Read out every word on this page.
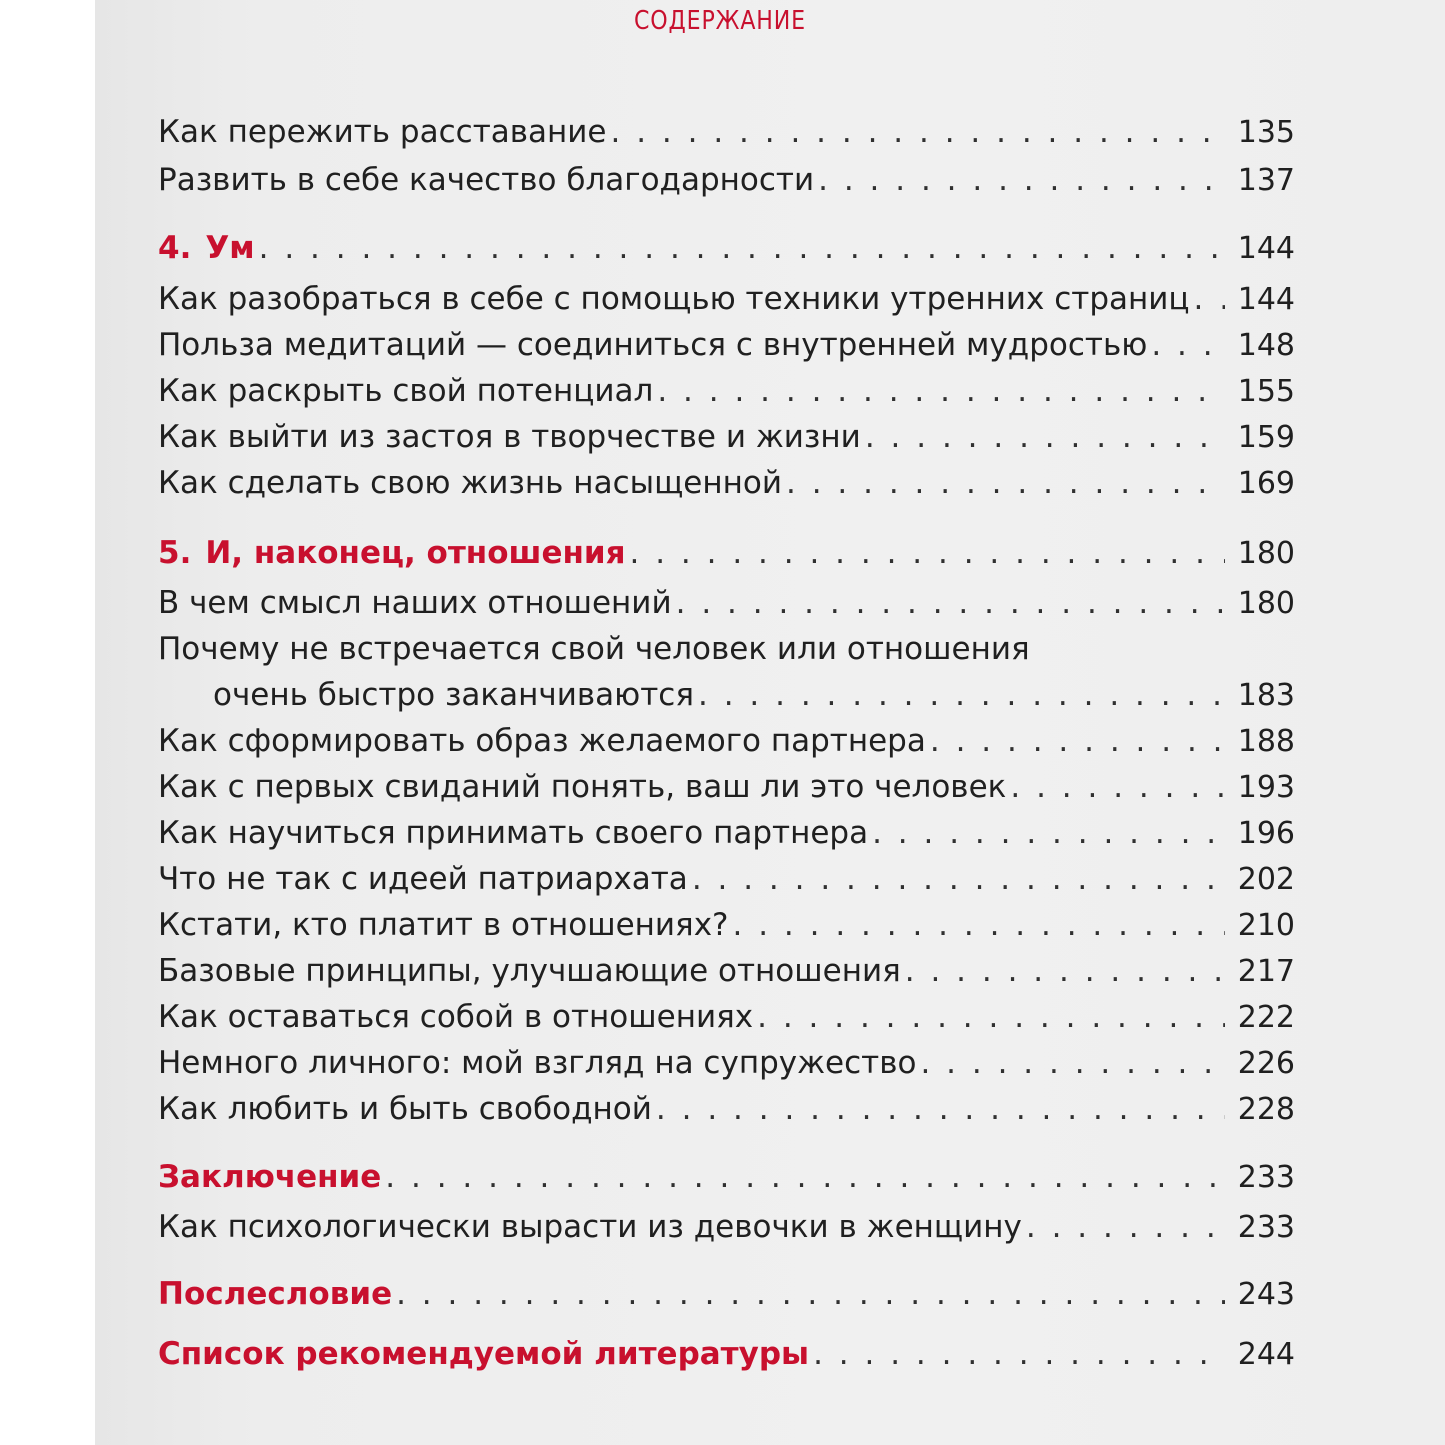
СОДЕРЖАНИЕ
Как пережить расставание . . .	135
Развить в себе качество благодарности . . .	137
4. Ум . . .	144
Как разобраться в себе с помощью техники утренних страниц . . . 144
Польза медитаций — соединиться с внутренней мудростью . . .	148
Как раскрыть свой потенциал . . .	155
Как выйти из застоя в творчестве и жизни . . .	159
Как сделать свою жизнь насыщенной . . .	169
5. И, наконец, отношения . . .	180
В чем смысл наших отношений . . .	180
Почему не встречается свой человек или отношения
очень быстро заканчиваются . . .	183
Как сформировать образ желаемого партнера . . .	188
Как с первых свиданий понять, ваш ли это человек . . .	193
Как научиться принимать своего партнера . . .	196
Что не так с идеей патриархата . . .	202
Кстати, кто платит в отношениях? . . .	210
Базовые принципы, улучшающие отношения . . .	217
Как оставаться собой в отношениях . . .	222
Немного личного: мой взгляд на супружество . . .	226
Как любить и быть свободной . . .	228
Заключение . . .	233
Как психологически вырасти из девочки в женщину . . .	233
Послесловие . . .	243
Список рекомендуемой литературы . . .	244
